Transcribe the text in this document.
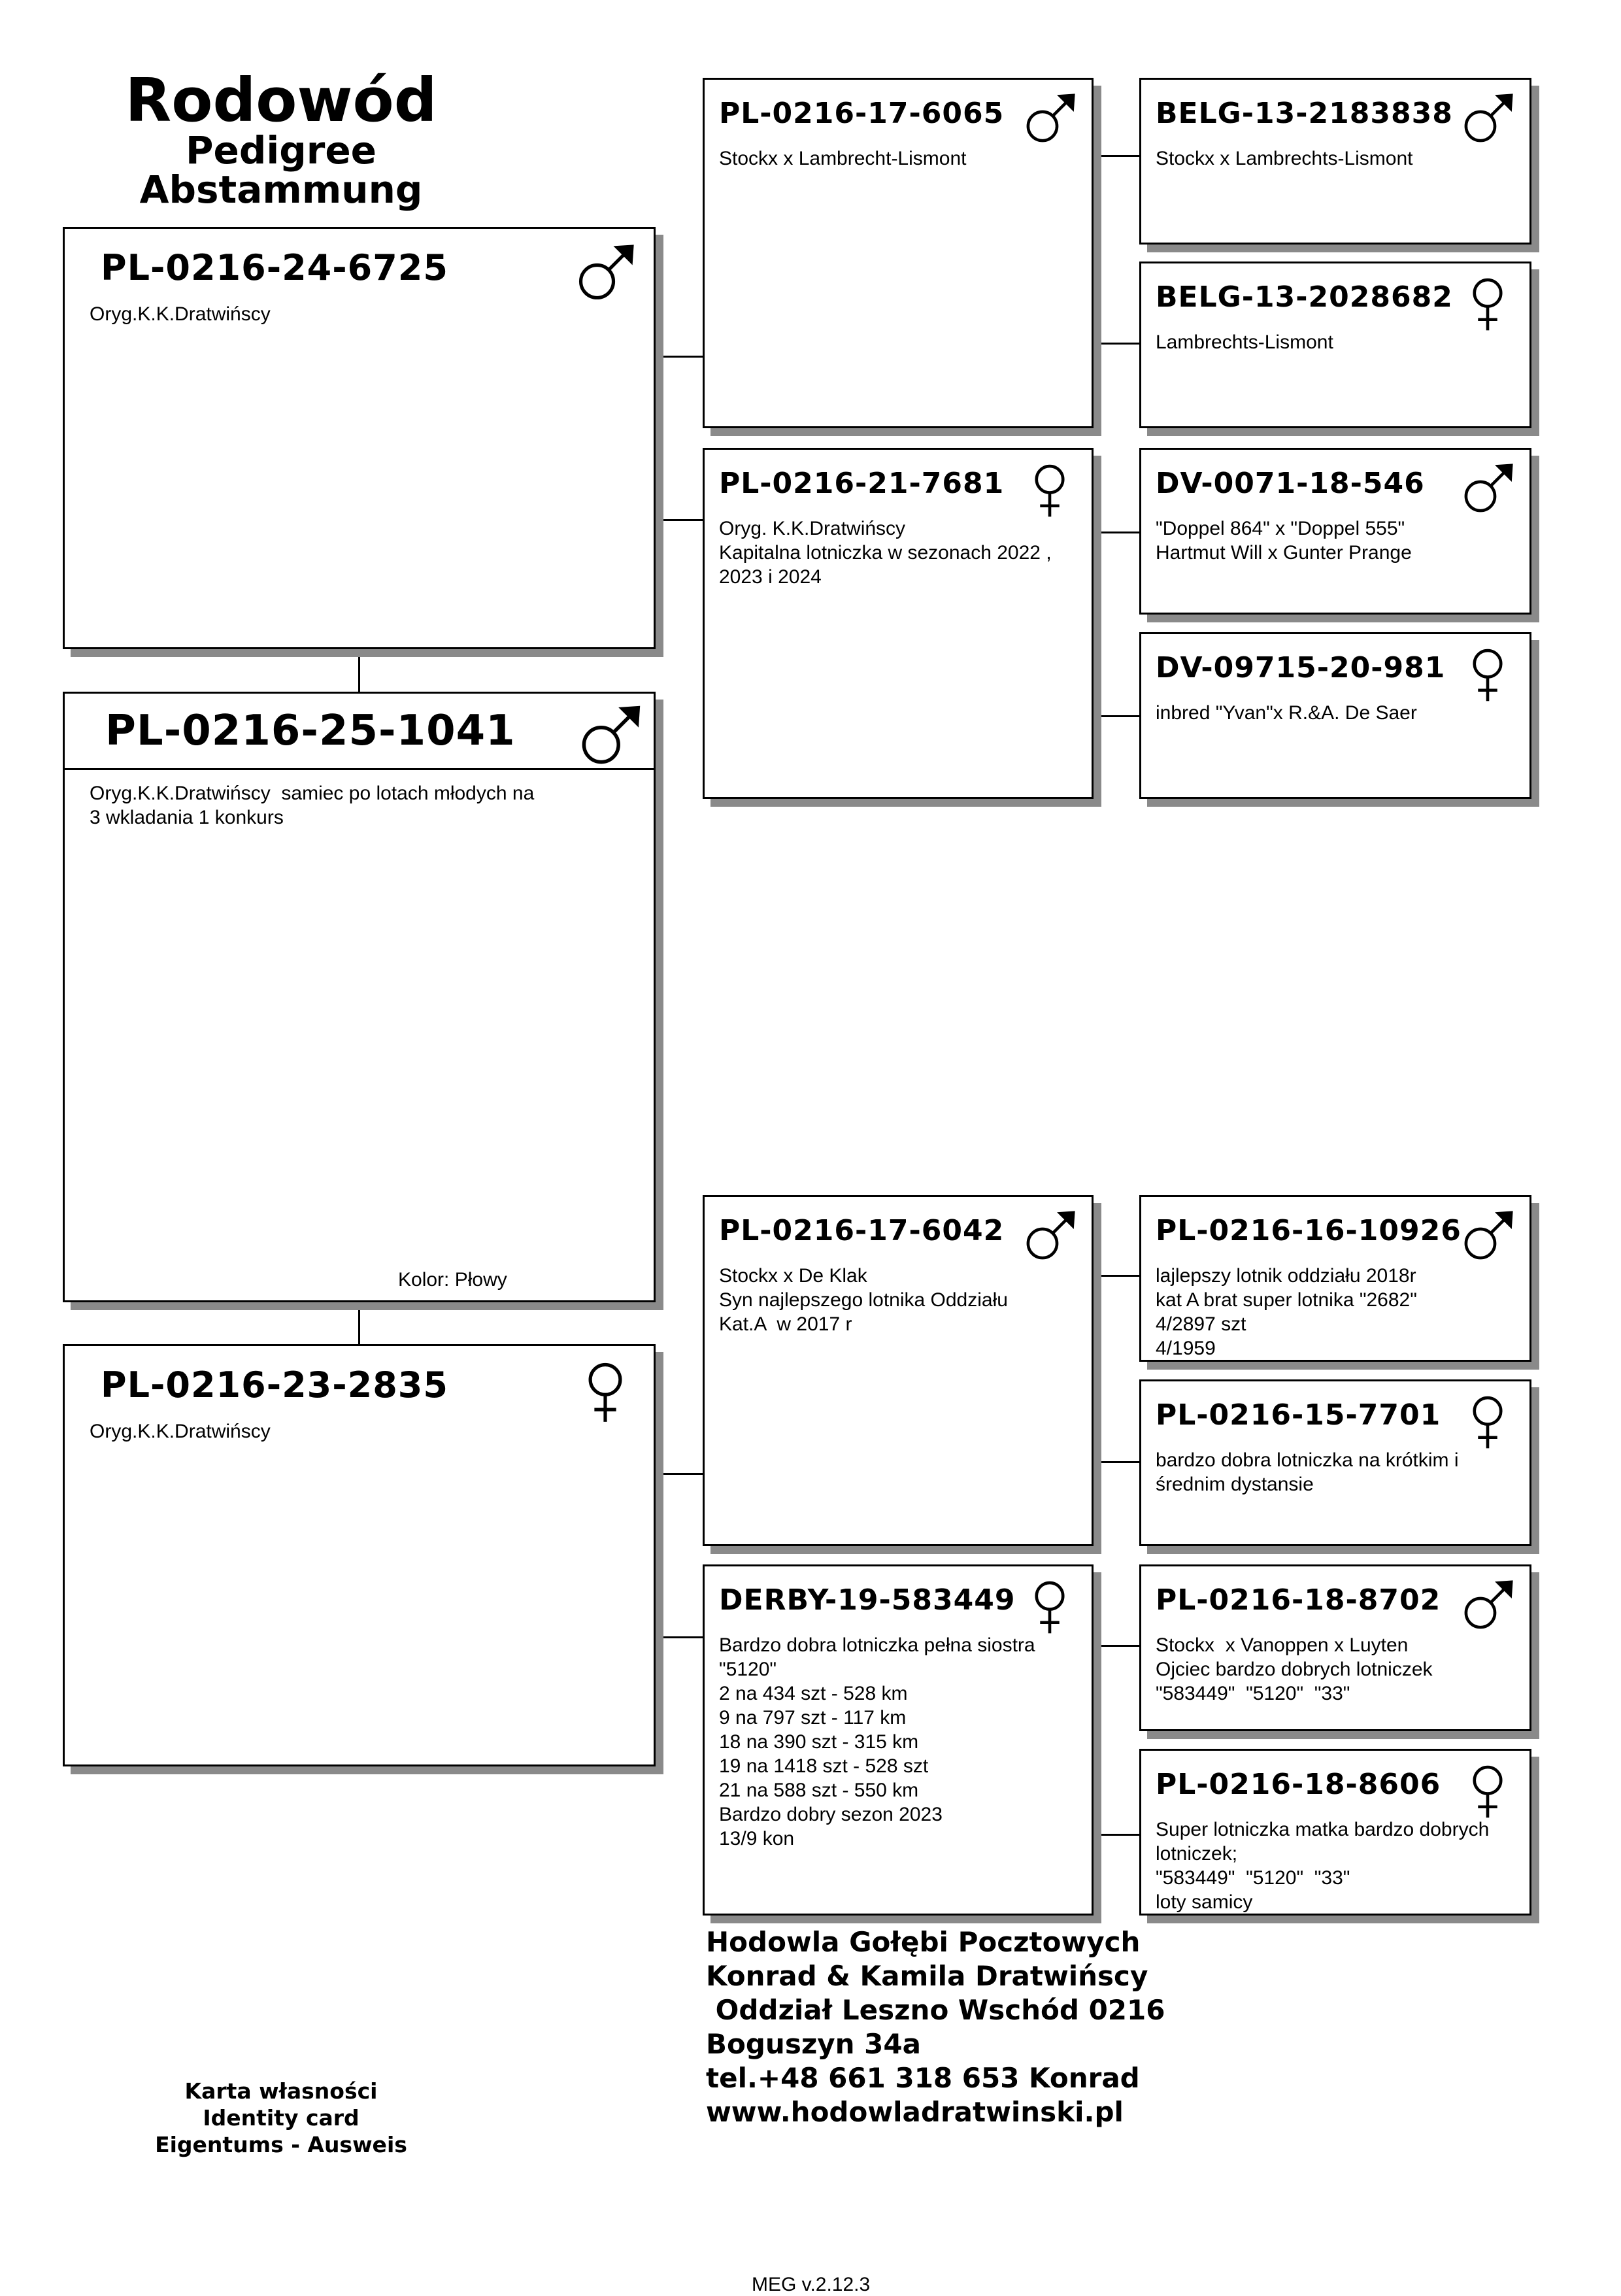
Rodowód
Pedigree
Abstammung
PL-0216-24-6725
Oryg.K.K.Dratwińscy
PL-0216-25-1041
Oryg.K.K.Dratwińscy  samiec po lotach młodych na
3 wkladania 1 konkurs
Kolor: Płowy
PL-0216-23-2835
Oryg.K.K.Dratwińscy
PL-0216-17-6065
Stockx x Lambrecht-Lismont
PL-0216-21-7681
Oryg. K.K.Dratwińscy
Kapitalna lotniczka w sezonach 2022 ,
2023 i 2024
PL-0216-17-6042
Stockx x De Klak
Syn najlepszego lotnika Oddziału
Kat.A  w 2017 r
DERBY-19-583449
Bardzo dobra lotniczka pełna siostra
"5120"
2 na 434 szt - 528 km
9 na 797 szt - 117 km
18 na 390 szt - 315 km
19 na 1418 szt - 528 szt
21 na 588 szt - 550 km
Bardzo dobry sezon 2023
13/9 kon
BELG-13-2183838
Stockx x Lambrechts-Lismont
BELG-13-2028682
Lambrechts-Lismont
DV-0071-18-546
"Doppel 864" x "Doppel 555"
Hartmut Will x Gunter Prange
DV-09715-20-981
inbred "Yvan"x R.&A. De Saer
PL-0216-16-10926
lajlepszy lotnik oddziału 2018r
kat A brat super lotnika "2682"
4/2897 szt
4/1959
PL-0216-15-7701
bardzo dobra lotniczka na krótkim i
średnim dystansie
PL-0216-18-8702
Stockx  x Vanoppen x Luyten
Ojciec bardzo dobrych lotniczek
"583449"  "5120"  "33"
PL-0216-18-8606
Super lotniczka matka bardzo dobrych
lotniczek;
"583449"  "5120"  "33"
loty samicy
Hodowla Gołębi Pocztowych
Konrad & Kamila Dratwińscy
Oddział Leszno Wschód 0216
Boguszyn 34a
tel.+48 661 318 653 Konrad
www.hodowladratwinski.pl
Karta własności
Identity card
Eigentums - Ausweis
MEG v.2.12.3
